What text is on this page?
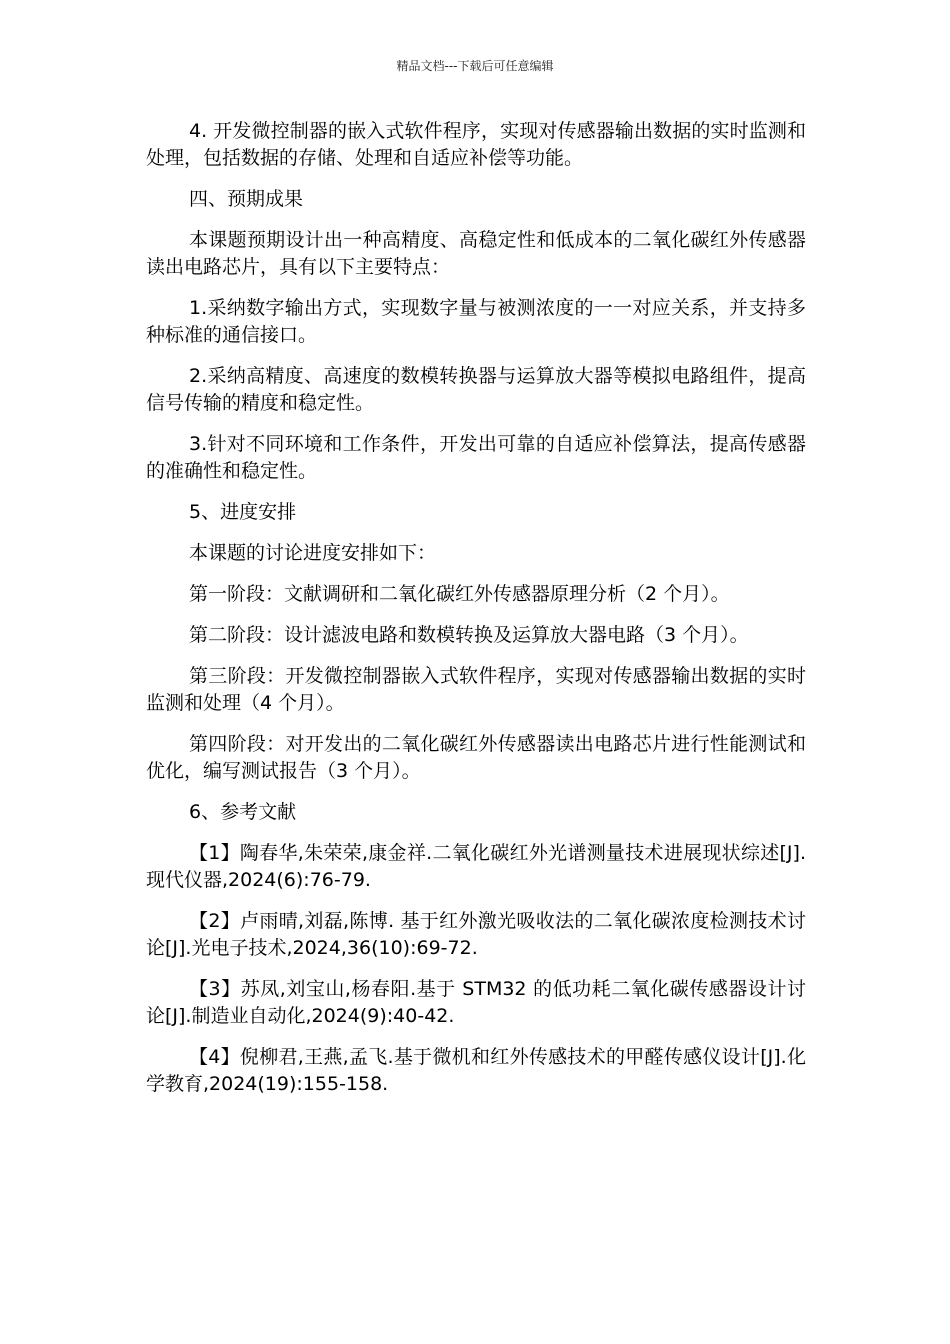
精品文档---下载后可任意编辑

4. 开发微控制器的嵌入式软件程序，实现对传感器输出数据的实时监测和处理，包括数据的存储、处理和自适应补偿等功能。

四、预期成果

本课题预期设计出一种高精度、高稳定性和低成本的二氧化碳红外传感器读出电路芯片，具有以下主要特点：

1.采纳数字输出方式，实现数字量与被测浓度的一一对应关系，并支持多种标准的通信接口。

2.采纳高精度、高速度的数模转换器与运算放大器等模拟电路组件，提高信号传输的精度和稳定性。

3.针对不同环境和工作条件，开发出可靠的自适应补偿算法，提高传感器的准确性和稳定性。

5、进度安排

本课题的讨论进度安排如下：

第一阶段：文献调研和二氧化碳红外传感器原理分析（2 个月）。

第二阶段：设计滤波电路和数模转换及运算放大器电路（3 个月）。

第三阶段：开发微控制器嵌入式软件程序，实现对传感器输出数据的实时监测和处理（4 个月）。

第四阶段：对开发出的二氧化碳红外传感器读出电路芯片进行性能测试和优化，编写测试报告（3 个月）。

6、参考文献

【1】陶春华,朱荣荣,康金祥.二氧化碳红外光谱测量技术进展现状综述[J].现代仪器,2024(6):76-79.

【2】卢雨晴,刘磊,陈博. 基于红外激光吸收法的二氧化碳浓度检测技术讨论[J].光电子技术,2024,36(10):69-72.

【3】苏凤,刘宝山,杨春阳.基于 STM32 的低功耗二氧化碳传感器设计讨论[J].制造业自动化,2024(9):40-42.

【4】倪柳君,王燕,孟飞.基于微机和红外传感技术的甲醛传感仪设计[J].化学教育,2024(19):155-158.
